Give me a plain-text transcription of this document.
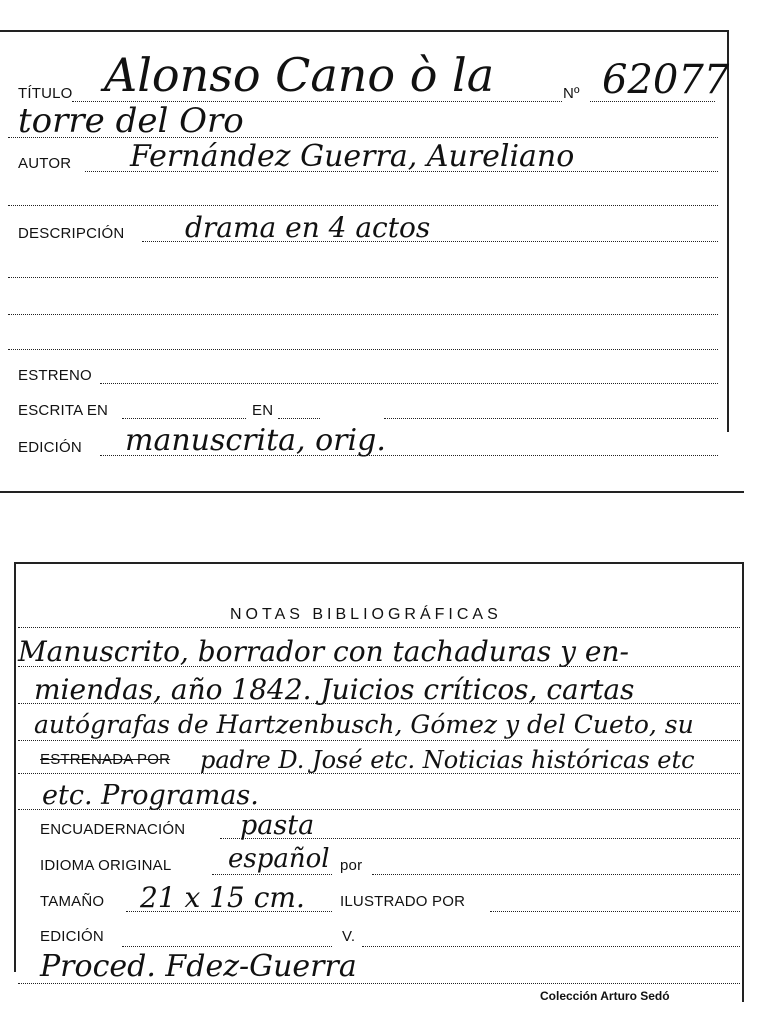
TÍTULO Alonso Cano ò la	Nº 62077
torre del Oro
AUTOR Fernández Guerra, Aureliano
DESCRIPCIÓN drama en 4 actos
ESTRENO
ESCRITA EN	EN
EDICIÓN manuscrita, orig.
NOTAS BIBLIOGRÁFICAS
Manuscrito, borrador con tachaduras y en-
miendas, año 1842. Juicios críticos, cartas
autógrafas de Hartzenbusch, Gómez y del Cueto, su
ESTRENADA POR padre D. José etc. Noticias históricas etc
etc. Programas.
ENCUADERNACIÓN pasta
IDIOMA ORIGINAL español por
TAMAÑO 21 x 15 cm. ILUSTRADO POR
EDICIÓN	V.
Proced. Fdez-Guerra
Colección Arturo Sedó
